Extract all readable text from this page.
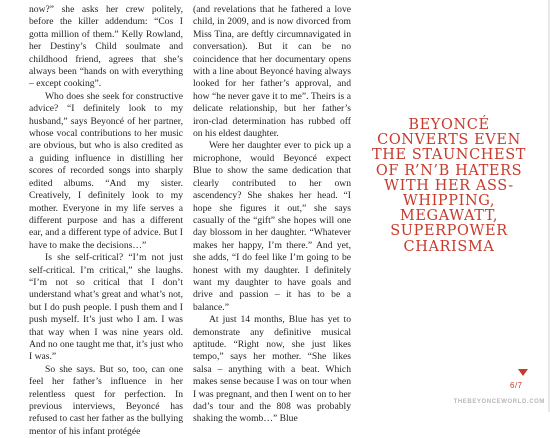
now?” she asks her crew politely, before the killer addendum: “Cos I gotta million of them.” Kelly Rowland, her Destiny’s Child soulmate and childhood friend, agrees that she’s always been “hands on with everything – except cooking”.

Who does she seek for constructive advice? “I definitely look to my husband,” says Beyoncé of her partner, whose vocal contributions to her music are obvious, but who is also credited as a guiding influence in distilling her scores of recorded songs into sharply edited albums. “And my sister. Creatively, I definitely look to my mother. Everyone in my life serves a different purpose and has a different ear, and a different type of advice. But I have to make the decisions…”

Is she self-critical? “I’m not just self-critical. I’m critical,” she laughs. “I’m not so critical that I don’t understand what’s great and what’s not, but I do push people. I push them and I push myself. It’s just who I am. I was that way when I was nine years old. And no one taught me that, it’s just who I was.”

So she says. But so, too, can one feel her father’s influence in her relentless quest for perfection. In previous interviews, Beyoncé has refused to cast her father as the bullying mentor of his infant protégée

(and revelations that he fathered a love child, in 2009, and is now divorced from Miss Tina, are deftly circumnavigated in conversation). But it can be no coincidence that her documentary opens with a line about Beyoncé having always looked for her father’s approval, and how “he never gave it to me”. Theirs is a delicate relationship, but her father’s iron-clad determination has rubbed off on his eldest daughter.

Were her daughter ever to pick up a microphone, would Beyoncé expect Blue to show the same dedication that clearly contributed to her own ascendency? She shakes her head. “I hope she figures it out,” she says casually of the “gift” she hopes will one day blossom in her daughter. “Whatever makes her happy, I’m there.” And yet, she adds, “I do feel like I’m going to be honest with my daughter. I definitely want my daughter to have goals and drive and passion – it has to be a balance.”

At just 14 months, Blue has yet to demonstrate any definitive musical aptitude. “Right now, she just likes tempo,” says her mother. “She likes salsa – anything with a beat. Which makes sense because I was on tour when I was pregnant, and then I went on to her dad’s tour and the 808 was probably shaking the womb…” Blue

BEYONCÉ CONVERTS EVEN THE STAUNCHEST OF R’N’B HATERS WITH HER ASS-WHIPPING, MEGAWATT, SUPERPOWER CHARISMA
6/7
THEBEYONCEWORLD.COM
